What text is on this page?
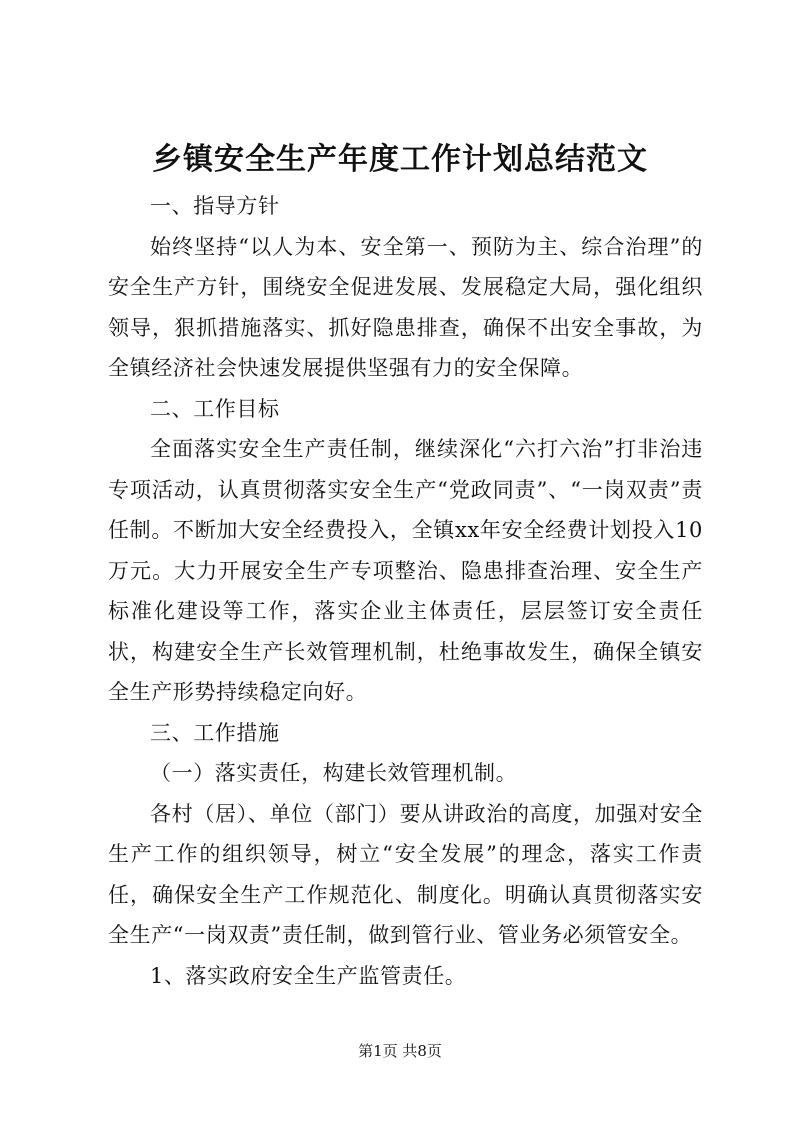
乡镇安全生产年度工作计划总结范文

一、指导方针

始终坚持“以人为本、安全第一、预防为主、综合治理”的安全生产方针，围绕安全促进发展、发展稳定大局，强化组织领导，狠抓措施落实、抓好隐患排查，确保不出安全事故，为全镇经济社会快速发展提供坚强有力的安全保障。

二、工作目标

全面落实安全生产责任制，继续深化“六打六治”打非治违专项活动，认真贯彻落实安全生产“党政同责”、“一岗双责”责任制。不断加大安全经费投入，全镇xx年安全经费计划投入10万元。大力开展安全生产专项整治、隐患排查治理、安全生产标准化建设等工作，落实企业主体责任，层层签订安全责任状，构建安全生产长效管理机制，杜绝事故发生，确保全镇安全生产形势持续稳定向好。

三、工作措施

（一）落实责任，构建长效管理机制。

各村（居）、单位（部门）要从讲政治的高度，加强对安全生产工作的组织领导，树立“安全发展”的理念，落实工作责任，确保安全生产工作规范化、制度化。明确认真贯彻落实安全生产“一岗双责”责任制，做到管行业、管业务必须管安全。

1、落实政府安全生产监管责任。

第1页 共8页
